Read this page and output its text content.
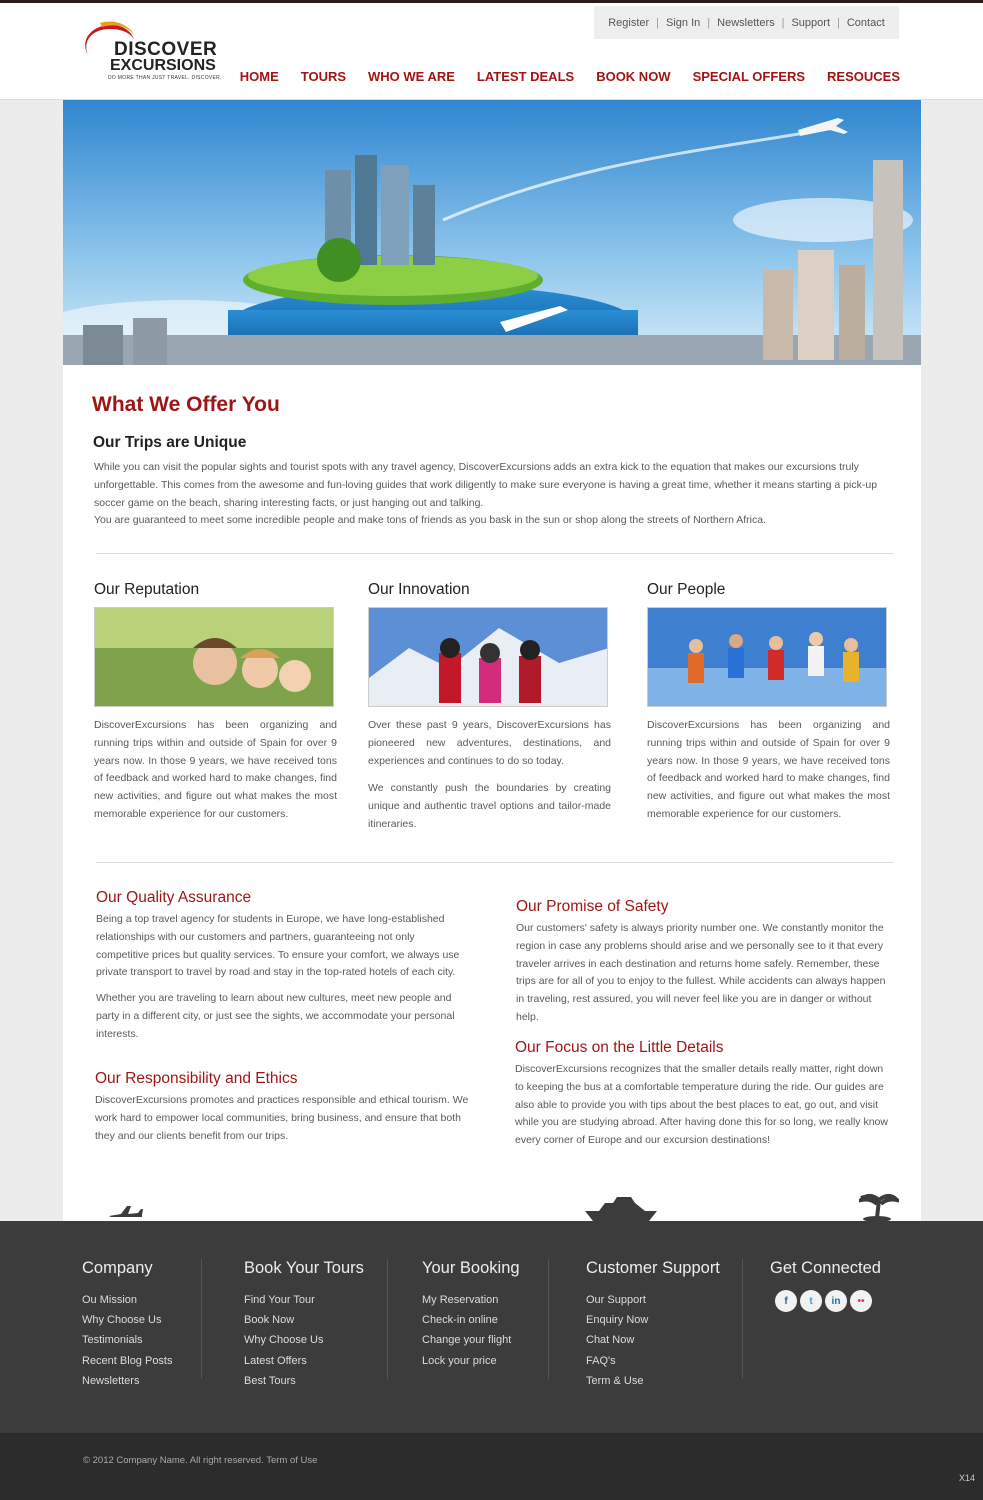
DISCOVER
EXCURSIONS
DO MORE THAN JUST TRAVEL. DISCOVER.
Register | Sign In | Newsletters | Support | Contact
HOME TOURS WHO WE ARE LATEST DEALS BOOK NOW SPECIAL OFFERS RESOUCES
What We Offer You
Our Trips are Unique

While you can visit the popular sights and tourist spots with any travel agency, DiscoverExcursions adds an extra kick to the equation that makes our excursions truly unforgettable. This comes from the awesome and fun-loving guides that work diligently to make sure everyone is having a great time, whether it means starting a pick-up soccer game on the beach, sharing interesting facts, or just hanging out and talking.

You are guaranteed to meet some incredible people and make tons of friends as you bask in the sun or shop along the streets of Northern Africa.

Our Reputation

DiscoverExcursions has been organizing and running trips within and outside of Spain for over 9 years now. In those 9 years, we have received tons of feedback and worked hard to make changes, find new activities, and figure out what makes the most memorable experience for our customers.

Our Innovation

Over these past 9 years, DiscoverExcursions has pioneered new adventures, destinations, and experiences and continues to do so today.

We constantly push the boundaries by creating unique and authentic travel options and tailor-made itineraries.

Our People

DiscoverExcursions has been organizing and running trips within and outside of Spain for over 9 years now. In those 9 years, we have received tons of feedback and worked hard to make changes, find new activities, and figure out what makes the most memorable experience for our customers.

Our Quality Assurance

Being a top travel agency for students in Europe, we have long-established relationships with our customers and partners, guaranteeing not only competitive prices but quality services. To ensure your comfort, we always use private transport to travel by road and stay in the top-rated hotels of each city.

Whether you are traveling to learn about new cultures, meet new people and party in a different city, or just see the sights, we accommodate your personal interests.

Our Responsibility and Ethics

DiscoverExcursions promotes and practices responsible and ethical tourism. We work hard to empower local communities, bring business, and ensure that both they and our clients benefit from our trips.

Our Promise of Safety

Our customers' safety is always priority number one. We constantly monitor the region in case any problems should arise and we personally see to it that every traveler arrives in each destination and returns home safely. Remember, these trips are for all of you to enjoy to the fullest. While accidents can always happen in traveling, rest assured, you will never feel like you are in danger or without help.

Our Focus on the Little Details

DiscoverExcursions recognizes that the smaller details really matter, right down to keeping the bus at a comfortable temperature during the ride. Our guides are also able to provide you with tips about the best places to eat, go out, and visit while you are studying abroad. After having done this for so long, we really know every corner of Europe and our excursion destinations!

Company
Ou Mission
Why Choose Us
Testimonials
Recent Blog Posts
Newsletters
Book Your Tours
Find Your Tour
Book Now
Why Choose Us
Latest Offers
Best Tours
Your Booking
My Reservation
Check-in online
Change your flight
Lock your price
Customer Support
Our Support
Enquiry Now
Chat Now
FAQ's
Term & Use
Get Connected
f	t	in	••
© 2012 Company Name. All right reserved. Term of Use
X14
